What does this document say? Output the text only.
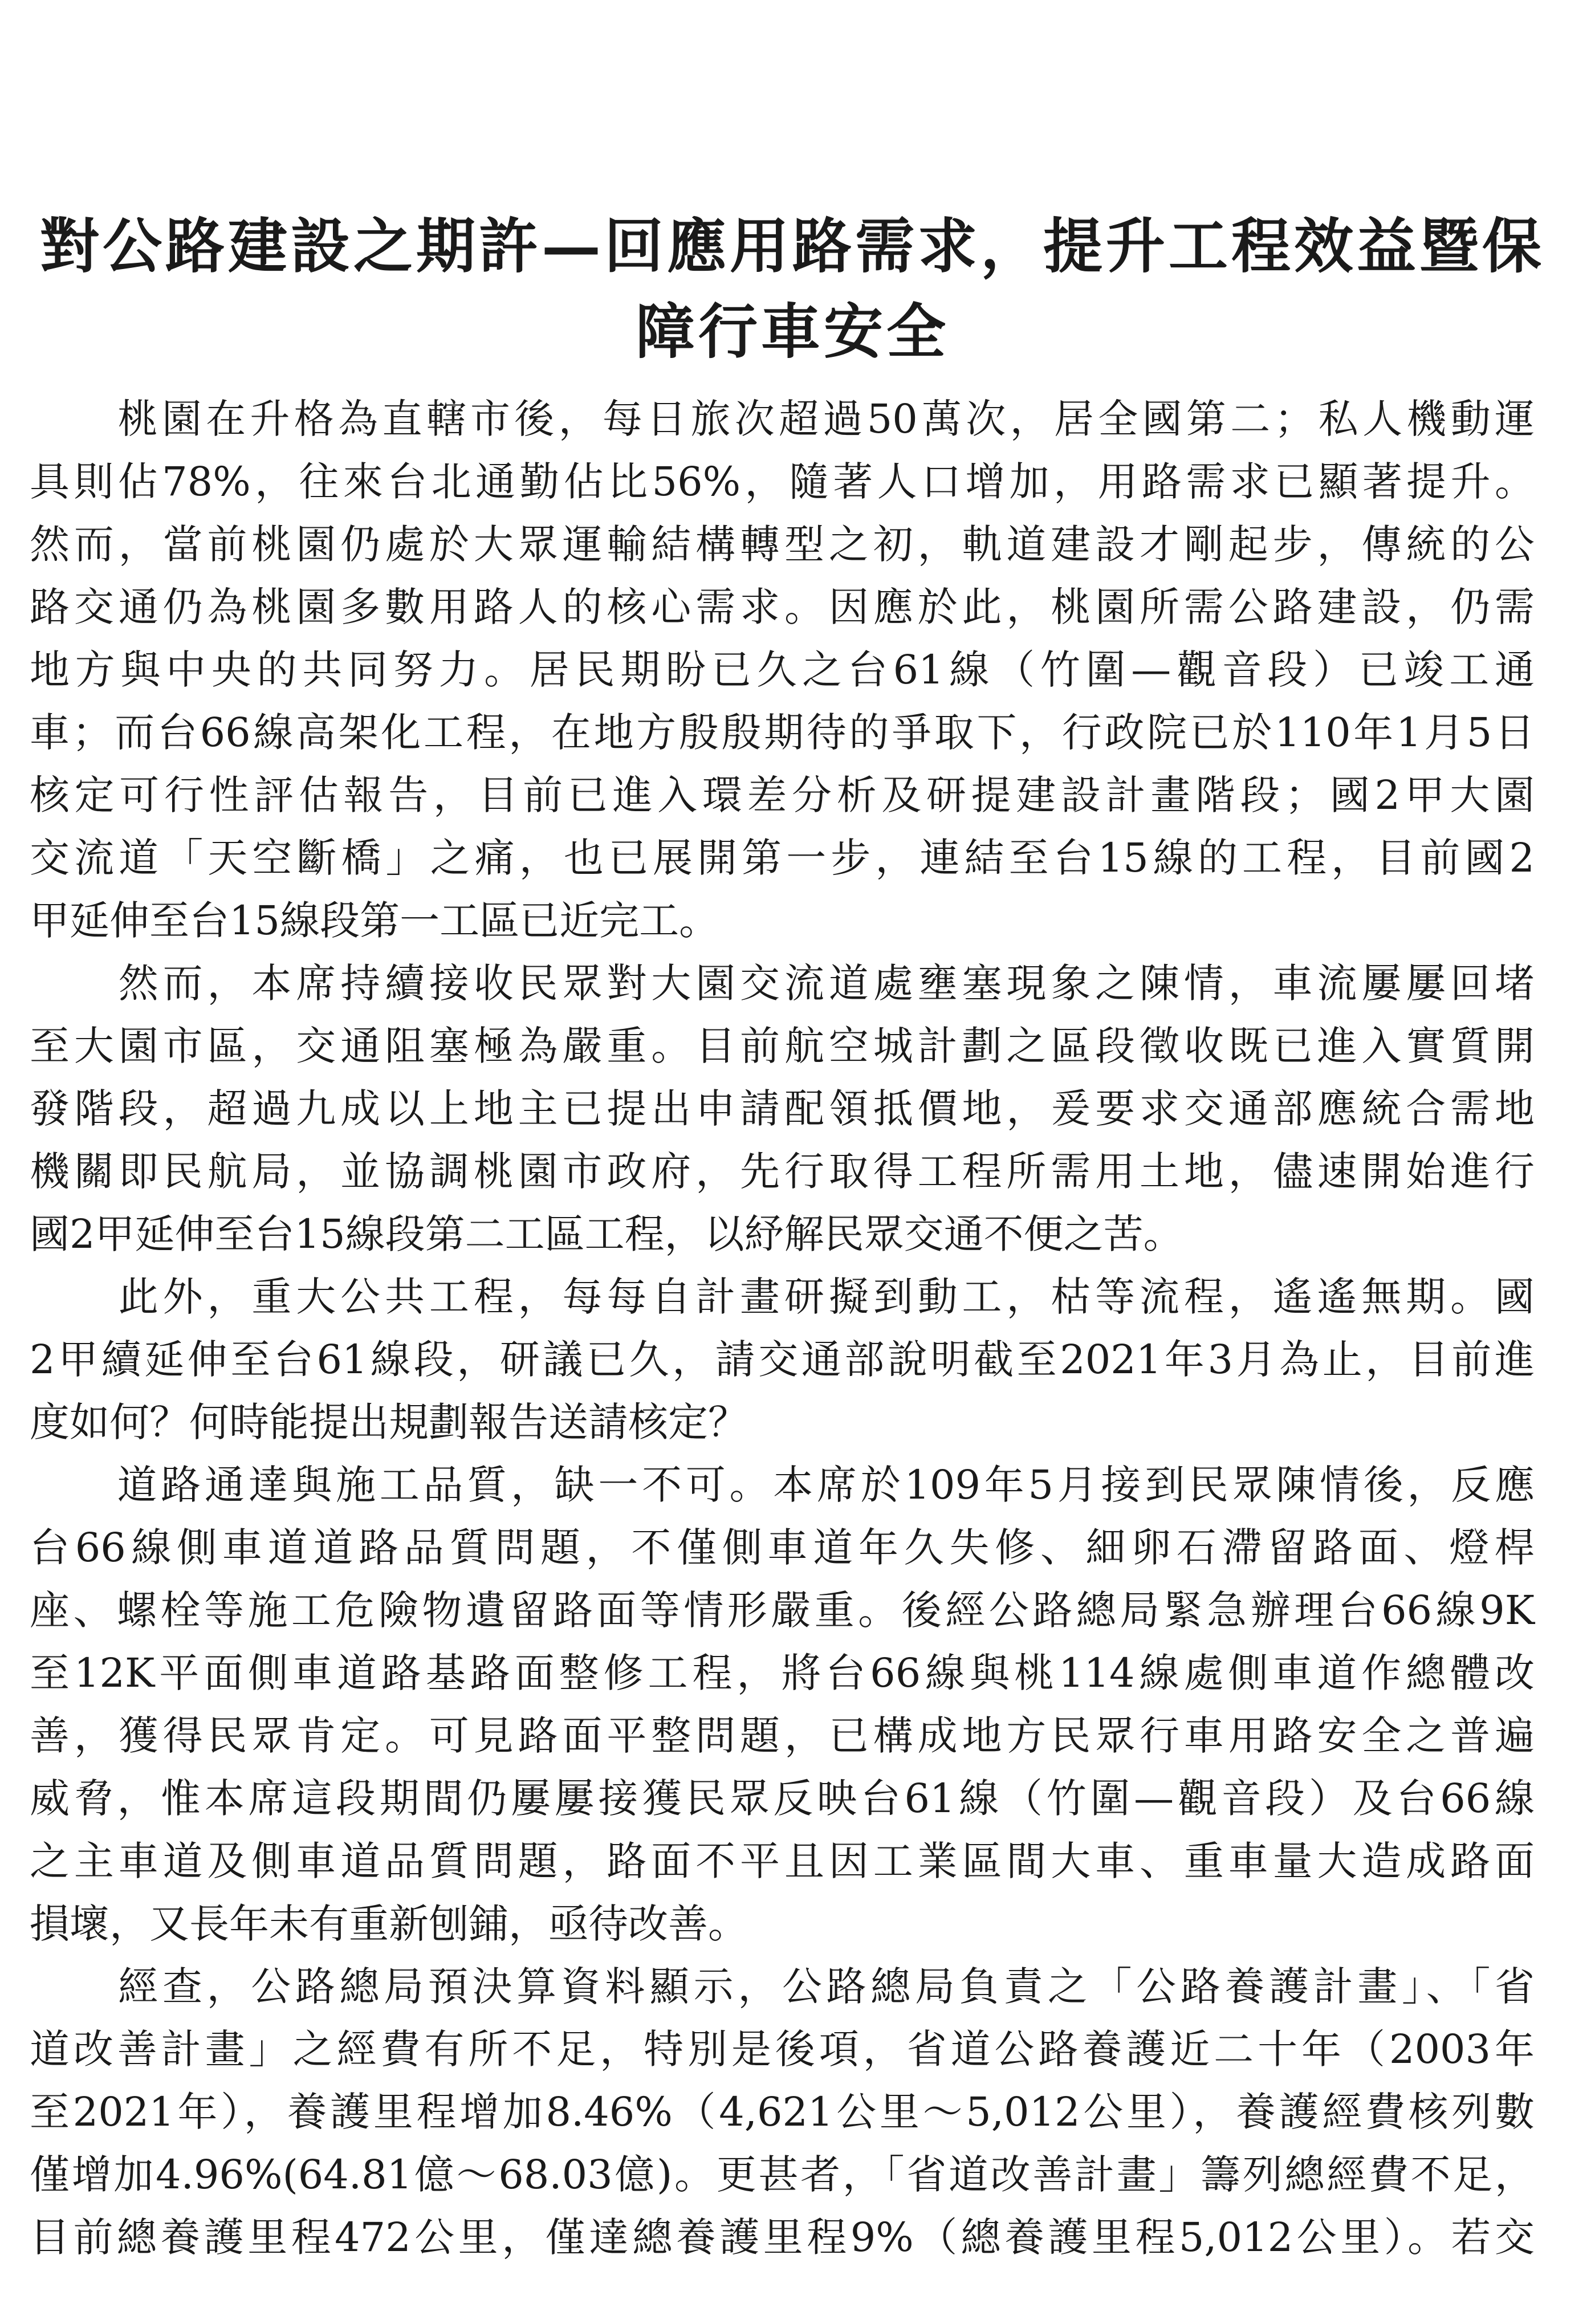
對公路建設之期許—回應用路需求，提升工程效益暨保
障行車安全
　　桃園在升格為直轄市後，每日旅次超過50萬次，居全國第二；私人機動運
具則佔78%，往來台北通勤佔比56%，隨著人口增加，用路需求已顯著提升。
然而，當前桃園仍處於大眾運輸結構轉型之初，軌道建設才剛起步，傳統的公
路交通仍為桃園多數用路人的核心需求。因應於此，桃園所需公路建設，仍需
地方與中央的共同努力。居民期盼已久之台61線（竹圍—觀音段）已竣工通
車；而台66線高架化工程，在地方殷殷期待的爭取下，行政院已於110年1月5日
核定可行性評估報告，目前已進入環差分析及研提建設計畫階段；國2甲大園
交流道「天空斷橋」之痛，也已展開第一步，連結至台15線的工程，目前國2
甲延伸至台15線段第一工區已近完工。
　　然而，本席持續接收民眾對大園交流道處壅塞現象之陳情，車流屢屢回堵
至大園市區，交通阻塞極為嚴重。目前航空城計劃之區段徵收既已進入實質開
發階段，超過九成以上地主已提出申請配領抵價地，爰要求交通部應統合需地
機關即民航局，並協調桃園市政府，先行取得工程所需用土地，儘速開始進行
國2甲延伸至台15線段第二工區工程，以紓解民眾交通不便之苦。
　　此外，重大公共工程，每每自計畫研擬到動工，枯等流程，遙遙無期。國
2甲續延伸至台61線段，研議已久，請交通部說明截至2021年3月為止，目前進
度如何？何時能提出規劃報告送請核定？
　　道路通達與施工品質，缺一不可。本席於109年5月接到民眾陳情後，反應
台66線側車道道路品質問題，不僅側車道年久失修、細卵石滯留路面、燈桿
座、螺栓等施工危險物遺留路面等情形嚴重。後經公路總局緊急辦理台66線9K
至12K平面側車道路基路面整修工程，將台66線與桃114線處側車道作總體改
善，獲得民眾肯定。可見路面平整問題，已構成地方民眾行車用路安全之普遍
威脅，惟本席這段期間仍屢屢接獲民眾反映台61線（竹圍—觀音段）及台66線
之主車道及側車道品質問題，路面不平且因工業區間大車、重車量大造成路面
損壞，又長年未有重新刨鋪，亟待改善。
　　經查，公路總局預決算資料顯示，公路總局負責之「公路養護計畫」、「省
道改善計畫」之經費有所不足，特別是後項，省道公路養護近二十年（2003年
至2021年），養護里程增加8.46%（4,621公里～5,012公里），養護經費核列數
僅增加4.96%(64.81億～68.03億)。更甚者，「省道改善計畫」籌列總經費不足，
目前總養護里程472公里，僅達總養護里程9%（總養護里程5,012公里）。若交
